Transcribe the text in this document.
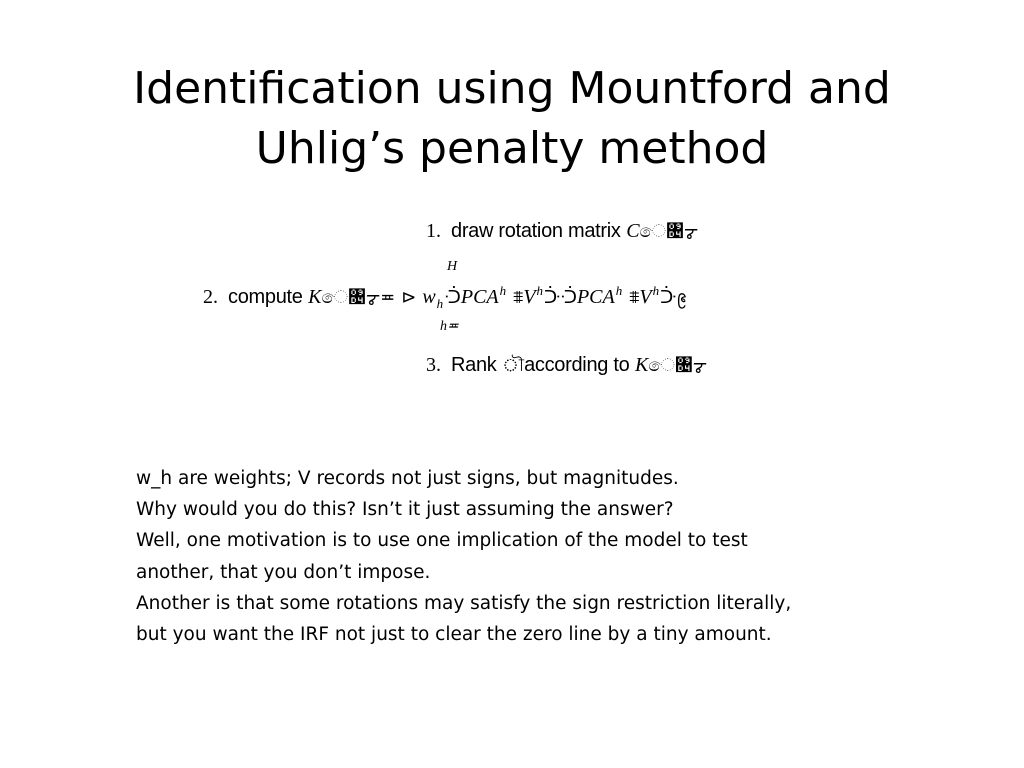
Identification using Mountford and
Uhlig’s penalty method
1. draw rotation matrix Cෙ৔ᡒ
H
h≖
2. compute Kෙ৔ᡒ≖ ⊳ $w_hᑟPCA^h$ $⩨V^hᑠᑟPCA^h$ $⩨V^hᑠ᪉$
3. Rank ৗaccording to Kෙ৔ᡒ
w_h are weights; V records not just signs, but magnitudes.
Why would you do this? Isn’t it just assuming the answer?
Well, one motivation is to use one implication of the model to test
another, that you don’t impose.
Another is that some rotations may satisfy the sign restriction literally,
but you want the IRF not just to clear the zero line by a tiny amount.
